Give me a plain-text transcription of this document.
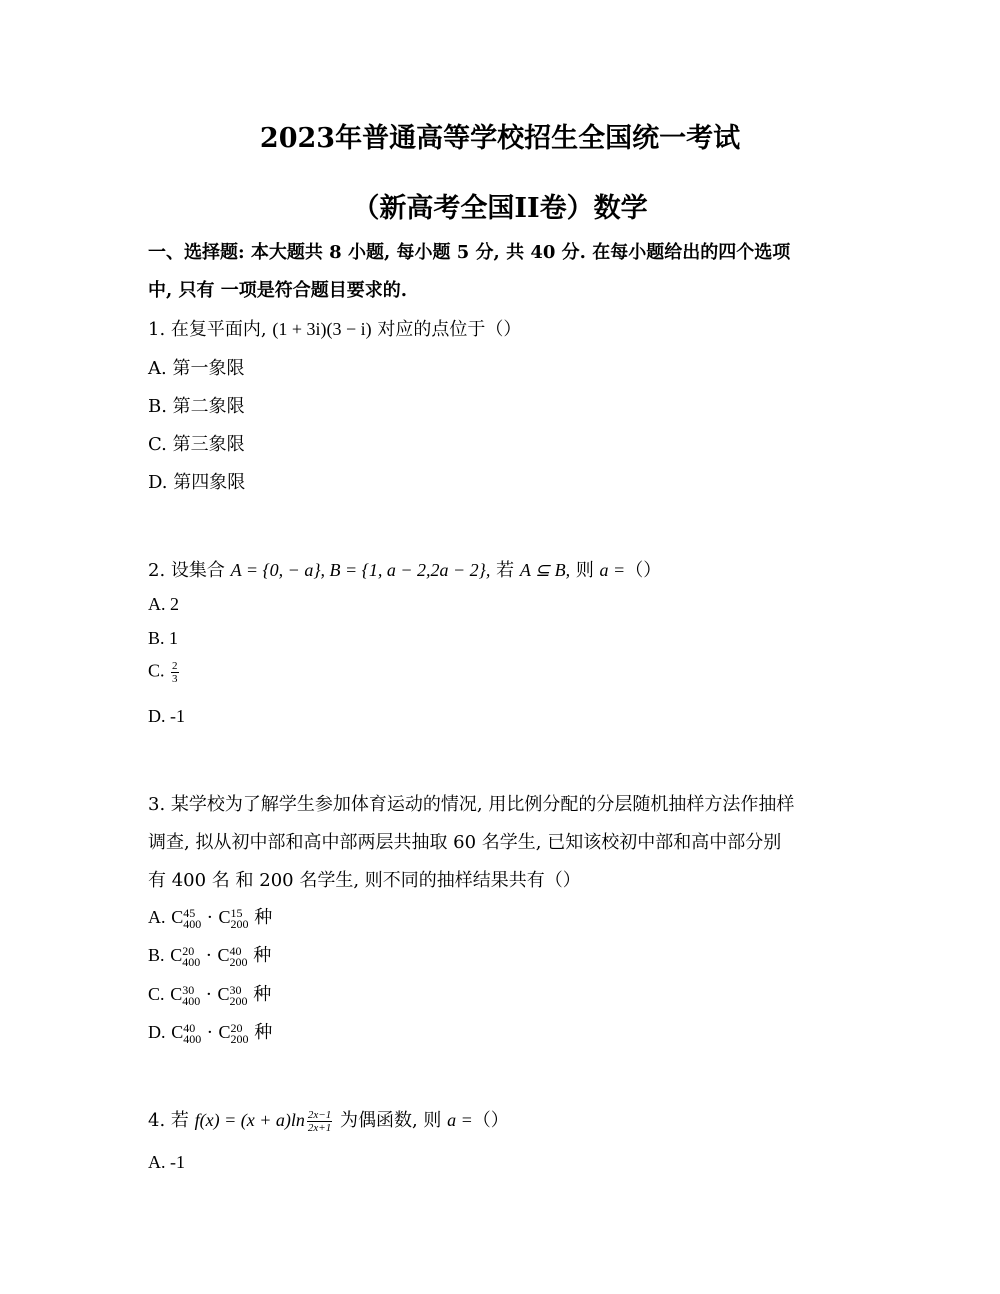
2023年普通高等学校招生全国统一考试
（新高考全国II卷）数学
一、选择题: 本大题共 8 小题, 每小题 5 分, 共 40 分. 在每小题给出的四个选项
中, 只有 一项是符合题目要求的.
1. 在复平面内, (1 + 3i)(3 − i) 对应的点位于（）
A. 第一象限
B. 第二象限
C. 第三象限
D. 第四象限
2. 设集合 A = {0, − a}, B = {1, a − 2,2a − 2}, 若 A ⊆ B, 则 a =（）
A. 2
B. 1
C. $\frac{2}{3}$
D. -1
3. 某学校为了解学生参加体育运动的情况, 用比例分配的分层随机抽样方法作抽样
调查, 拟从初中部和高中部两层共抽取 60 名学生, 已知该校初中部和高中部分别
有 400 名 和 200 名学生, 则不同的抽样结果共有（）
A. C 45
400 · C 15
200 种
B. C 20
400 · C 40
200 种
C. C 30
400 · C 30
200 种
D. C 40
400 · C 20
200 种
4. 若 $f(x) = (x + a)\ln \frac{2x-1}{2x+1}$ 为偶函数, 则 a =（）
A. -1
